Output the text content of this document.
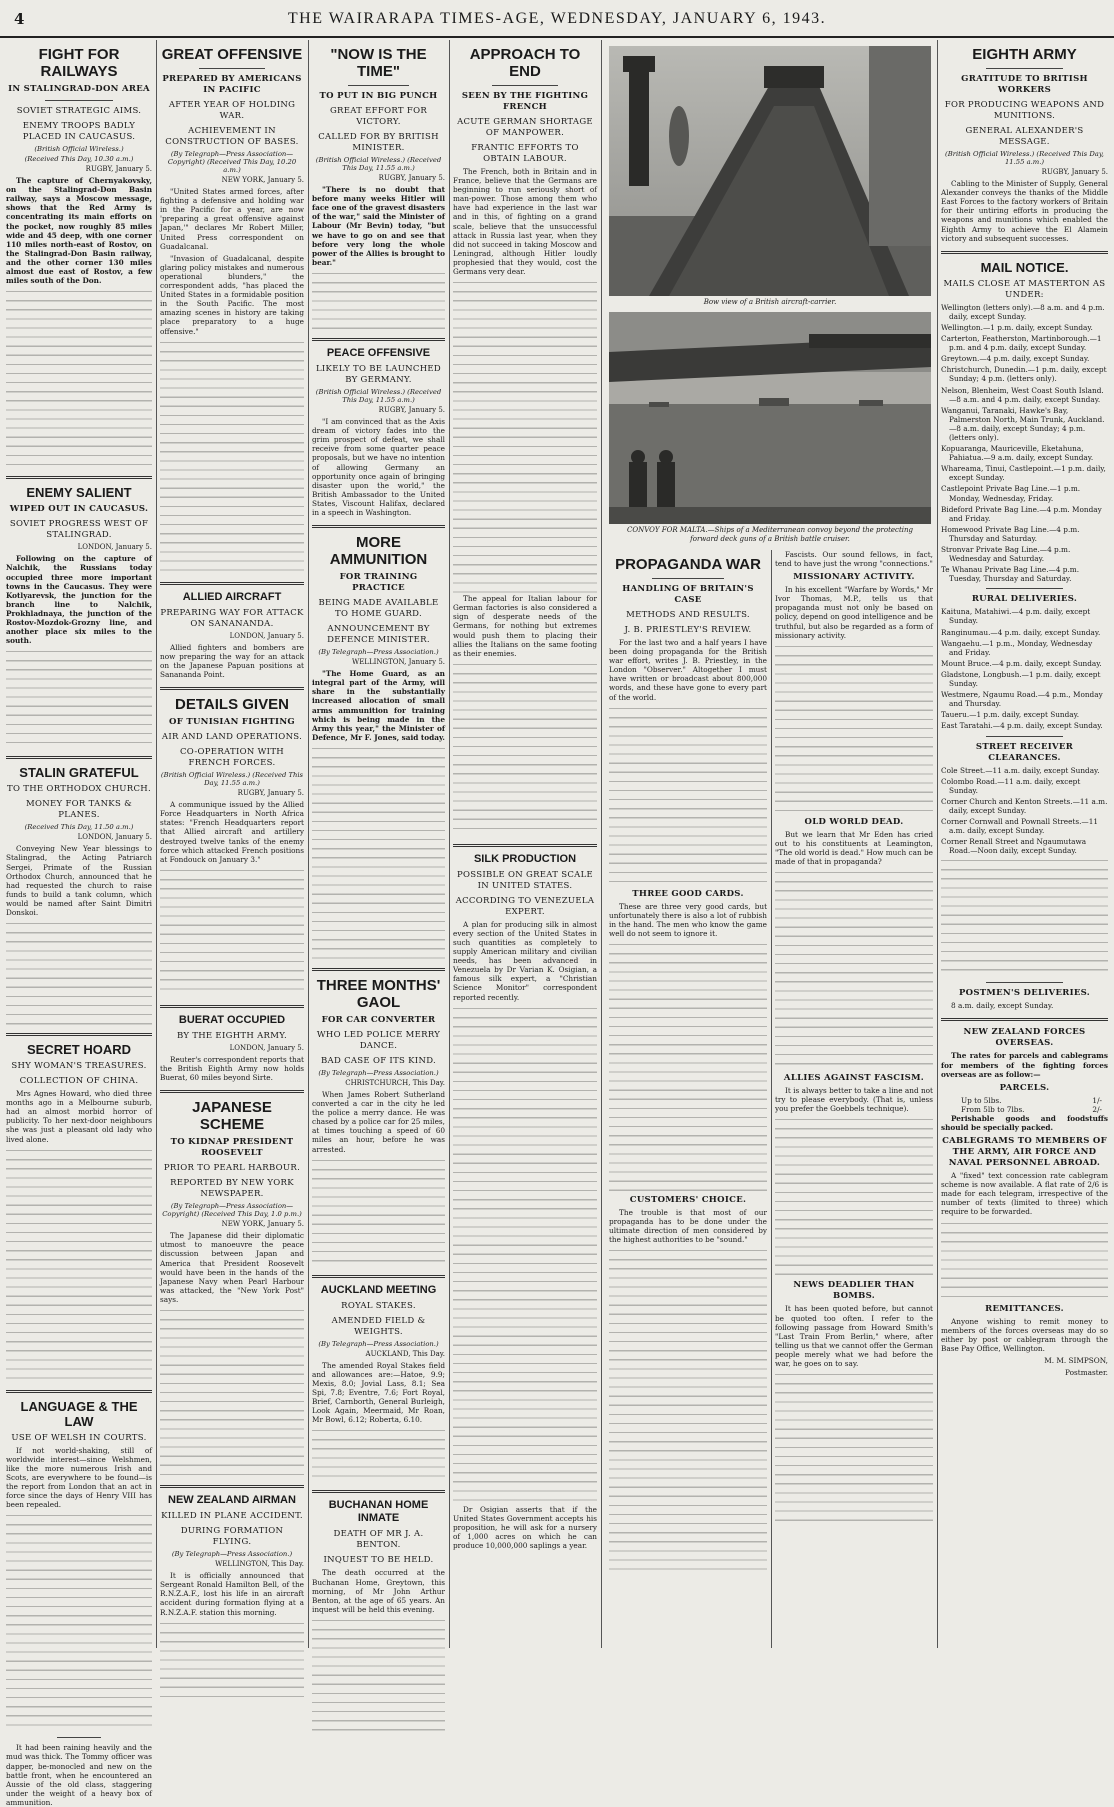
4	THE WAIRARAPA TIMES-AGE, WEDNESDAY, JANUARY 6, 1943.
FIGHT FOR RAILWAYS
IN STALINGRAD-DON AREA
SOVIET STRATEGIC AIMS.
ENEMY TROOPS BADLY PLACED IN CAUCASUS.
(British Official Wireless.)
(Received This Day, 10.30 a.m.)
RUGBY, January 5.

The capture of Chernyakovsky, on the Stalingrad-Don Basin railway, says a Moscow message, shows that the Red Army is concentrating its main efforts on the pocket, now roughly 85 miles wide and 45 deep, with one corner 110 miles north-east of Rostov, on the Stalingrad-Don Basin railway, and the other corner 130 miles almost due east of Rostov, a few miles south of the Don.

ENEMY SALIENT
WIPED OUT IN CAUCASUS.
SOVIET PROGRESS WEST OF STALINGRAD.
LONDON, January 5.

Following on the capture of Nalchik, the Russians today occupied three more important towns in the Caucasus. They were Kotlyarevsk, the junction for the branch line to Nalchik, Prokhladnaya, the junction of the Rostov-Mozdok-Grozny line, and another place six miles to the south.

STALIN GRATEFUL
TO THE ORTHODOX CHURCH.
MONEY FOR TANKS & PLANES.
(Received This Day, 11.50 a.m.)
LONDON, January 5.

Conveying New Year blessings to Stalingrad, the Acting Patriarch Sergei, Primate of the Russian Orthodox Church, announced that he had requested the church to raise funds to build a tank column, which would be named after Saint Dimitri Donskoi.

SECRET HOARD
SHY WOMAN'S TREASURES.
COLLECTION OF CHINA.

Mrs Agnes Howard, who died three months ago in a Melbourne suburb, had an almost morbid horror of publicity. To her next-door neighbours she was just a pleasant old lady who lived alone.

LANGUAGE & THE LAW
USE OF WELSH IN COURTS.

If not world-shaking, still of worldwide interest—since Welshmen, like the more numerous Irish and Scots, are everywhere to be found—is the report from London that an act in force since the days of Henry VIII has been repealed.

It had been raining heavily and the mud was thick. The Tommy officer was dapper, be-monocled and new on the battle front, when he encountered an Aussie of the old class, staggering under the weight of a heavy box of ammunition.

GREAT OFFENSIVE
PREPARED BY AMERICANS IN PACIFIC
AFTER YEAR OF HOLDING WAR.
ACHIEVEMENT IN CONSTRUCTION OF BASES.
(By Telegraph—Press Association—Copyright) (Received This Day, 10.20 a.m.)
NEW YORK, January 5.

"United States armed forces, after fighting a defensive and holding war in the Pacific for a year, are now 'preparing a great offensive against Japan,'" declares Mr Robert Miller, United Press correspondent on Guadalcanal.

"Invasion of Guadalcanal, despite glaring policy mistakes and numerous operational blunders," the correspondent adds, "has placed the United States in a formidable position in the South Pacific. The most amazing scenes in history are taking place preparatory to a huge offensive."

ALLIED AIRCRAFT
PREPARING WAY FOR ATTACK ON SANANANDA.
LONDON, January 5.

Allied fighters and bombers are now preparing the way for an attack on the Japanese Papuan positions at Sanananda Point.

DETAILS GIVEN
OF TUNISIAN FIGHTING
AIR AND LAND OPERATIONS.
CO-OPERATION WITH FRENCH FORCES.
(British Official Wireless.) (Received This Day, 11.55 a.m.)
RUGBY, January 5.

A communique issued by the Allied Force Headquarters in North Africa states: "French Headquarters report that Allied aircraft and artillery destroyed twelve tanks of the enemy force which attacked French positions at Fondouck on January 3."

BUERAT OCCUPIED
BY THE EIGHTH ARMY.
LONDON, January 5.

Reuter's correspondent reports that the British Eighth Army now holds Buerat, 60 miles beyond Sirte.

JAPANESE SCHEME
TO KIDNAP PRESIDENT ROOSEVELT
PRIOR TO PEARL HARBOUR.
REPORTED BY NEW YORK NEWSPAPER.
(By Telegraph—Press Association—Copyright) (Received This Day, 1.0 p.m.)
NEW YORK, January 5.

The Japanese did their diplomatic utmost to manoeuvre the peace discussion between Japan and America that President Roosevelt would have been in the hands of the Japanese Navy when Pearl Harbour was attacked, the "New York Post" says.

NEW ZEALAND AIRMAN
KILLED IN PLANE ACCIDENT.
DURING FORMATION FLYING.
(By Telegraph—Press Association.)
WELLINGTON, This Day.

It is officially announced that Sergeant Ronald Hamilton Bell, of the R.N.Z.A.F., lost his life in an aircraft accident during formation flying at a R.N.Z.A.F. station this morning.

"NOW IS THE TIME"
TO PUT IN BIG PUNCH
GREAT EFFORT FOR VICTORY.
CALLED FOR BY BRITISH MINISTER.
(British Official Wireless.) (Received This Day, 11.55 a.m.)
RUGBY, January 5.

"There is no doubt that before many weeks Hitler will face one of the gravest disasters of the war," said the Minister of Labour (Mr Bevin) today, "but we have to go on and see that before very long the whole power of the Allies is brought to bear."

PEACE OFFENSIVE
LIKELY TO BE LAUNCHED BY GERMANY.
(British Official Wireless.) (Received This Day, 11.55 a.m.)
RUGBY, January 5.

"I am convinced that as the Axis dream of victory fades into the grim prospect of defeat, we shall receive from some quarter peace proposals, but we have no intention of allowing Germany an opportunity once again of bringing disaster upon the world," the British Ambassador to the United States, Viscount Halifax, declared in a speech in Washington.

MORE AMMUNITION
FOR TRAINING PRACTICE
BEING MADE AVAILABLE TO HOME GUARD.
ANNOUNCEMENT BY DEFENCE MINISTER.
(By Telegraph—Press Association.)
WELLINGTON, January 5.

"The Home Guard, as an integral part of the Army, will share in the substantially increased allocation of small arms ammunition for training which is being made in the Army this year," the Minister of Defence, Mr F. Jones, said today.

THREE MONTHS' GAOL
FOR CAR CONVERTER
WHO LED POLICE MERRY DANCE.
BAD CASE OF ITS KIND.
(By Telegraph—Press Association.)
CHRISTCHURCH, This Day.

When James Robert Sutherland converted a car in the city he led the police a merry dance. He was chased by a police car for 25 miles, at times touching a speed of 60 miles an hour, before he was arrested.

AUCKLAND MEETING
ROYAL STAKES.
AMENDED FIELD & WEIGHTS.
(By Telegraph—Press Association.)
AUCKLAND, This Day.

The amended Royal Stakes field and allowances are:—Hatoe, 9.9; Mexis, 8.0; Jovial Lass, 8.1; Sea Spi, 7.8; Eventre, 7.6; Fort Royal, Brief, Carnborth, General Burleigh, Look Again, Meermaid, Mr Roan, Mr Bowl, 6.12; Roberta, 6.10.

BUCHANAN HOME INMATE
DEATH OF MR J. A. BENTON.
INQUEST TO BE HELD.

The death occurred at the Buchanan Home, Greytown, this morning, of Mr John Arthur Benton, at the age of 65 years. An inquest will be held this evening.

APPROACH TO END
SEEN BY THE FIGHTING FRENCH
ACUTE GERMAN SHORTAGE OF MANPOWER.
FRANTIC EFFORTS TO OBTAIN LABOUR.

The French, both in Britain and in France, believe that the Germans are beginning to run seriously short of man-power. Those among them who have had experience in the last war and in this, of fighting on a grand scale, believe that the unsuccessful attack in Russia last year, when they did not succeed in taking Moscow and Leningrad, although Hitler loudly prophesied that they would, cost the Germans very dear.

The appeal for Italian labour for German factories is also considered a sign of desperate needs of the Germans, for nothing but extremes would push them to placing their allies the Italians on the same footing as their enemies.

SILK PRODUCTION
POSSIBLE ON GREAT SCALE IN UNITED STATES.
ACCORDING TO VENEZUELA EXPERT.

A plan for producing silk in almost every section of the United States in such quantities as completely to supply American military and civilian needs, has been advanced in Venezuela by Dr Varian K. Osigian, a famous silk expert, a "Christian Science Monitor" correspondent reported recently.

Dr Osigian asserts that if the United States Government accepts his proposition, he will ask for a nursery of 1,000 acres on which he can produce 10,000,000 saplings a year.

Bow view of a British aircraft-carrier.
CONVOY FOR MALTA.—Ships of a Mediterranean convoy beyond the protecting forward deck guns of a British battle cruiser.
PROPAGANDA WAR
HANDLING OF BRITAIN'S CASE
METHODS AND RESULTS.
J. B. PRIESTLEY'S REVIEW.

For the last two and a half years I have been doing propaganda for the British war effort, writes J. B. Priestley, in the London "Observer." Altogether I must have written or broadcast about 800,000 words, and these have gone to every part of the world.

THREE GOOD CARDS.

These are three very good cards, but unfortunately there is also a lot of rubbish in the hand. The men who know the game well do not seem to ignore it.

CUSTOMERS' CHOICE.

The trouble is that most of our propaganda has to be done under the ultimate direction of men considered by the highest authorities to be "sound."

Fascists. Our sound fellows, in fact, tend to have just the wrong "connections."

MISSIONARY ACTIVITY.

In his excellent "Warfare by Words," Mr Ivor Thomas, M.P., tells us that propaganda must not only be based on policy, depend on good intelligence and be truthful, but also be regarded as a form of missionary activity.

OLD WORLD DEAD.

But we learn that Mr Eden has cried out to his constituents at Leamington, "The old world is dead." How much can be made of that in propaganda?

ALLIES AGAINST FASCISM.

It is always better to take a line and not try to please everybody. (That is, unless you prefer the Goebbels technique).

NEWS DEADLIER THAN BOMBS.

It has been quoted before, but cannot be quoted too often. I refer to the following passage from Howard Smith's "Last Train From Berlin," where, after telling us that we cannot offer the German people merely what we had before the war, he goes on to say.

EIGHTH ARMY
GRATITUDE TO BRITISH WORKERS
FOR PRODUCING WEAPONS AND MUNITIONS.
GENERAL ALEXANDER'S MESSAGE.
(British Official Wireless.) (Received This Day, 11.55 a.m.)
RUGBY, January 5.

Cabling to the Minister of Supply, General Alexander conveys the thanks of the Middle East Forces to the factory workers of Britain for their untiring efforts in producing the weapons and munitions which enabled the Eighth Army to achieve the El Alamein victory and subsequent successes.

MAIL NOTICE.
MAILS CLOSE AT MASTERTON AS UNDER:
Wellington (letters only).—8 a.m. and 4 p.m. daily, except Sunday.
Wellington.—1 p.m. daily, except Sunday.
Carterton, Featherston, Martinborough.—1 p.m. and 4 p.m. daily, except Sunday.
Greytown.—4 p.m. daily, except Sunday.
Christchurch, Dunedin.—1 p.m. daily, except Sunday; 4 p.m. (letters only).
Nelson, Blenheim, West Coast South Island.—8 a.m. and 4 p.m. daily, except Sunday.
Wanganui, Taranaki, Hawke's Bay, Palmerston North, Main Trunk, Auckland.—8 a.m. daily, except Sunday; 4 p.m. (letters only).
Kopuaranga, Mauriceville, Eketahuna, Pahiatua.—9 a.m. daily, except Sunday.
Whareama, Tinui, Castlepoint.—1 p.m. daily, except Sunday.
Castlepoint Private Bag Line.—1 p.m. Monday, Wednesday, Friday.
Bideford Private Bag Line.—4 p.m. Monday and Friday.
Homewood Private Bag Line.—4 p.m. Thursday and Saturday.
Stronvar Private Bag Line.—4 p.m. Wednesday and Saturday.
Te Whanau Private Bag Line.—4 p.m. Tuesday, Thursday and Saturday.
RURAL DELIVERIES.
Kaituna, Matahiwi.—4 p.m. daily, except Sunday.
Ranginumau.—4 p.m. daily, except Sunday.
Wangaehu.—1 p.m., Monday, Wednesday and Friday.
Mount Bruce.—4 p.m. daily, except Sunday.
Gladstone, Longbush.—1 p.m. daily, except Sunday.
Westmere, Ngaumu Road.—4 p.m., Monday and Thursday.
Taueru.—1 p.m. daily, except Sunday.
East Taratahi.—4 p.m. daily, except Sunday.
STREET RECEIVER CLEARANCES.
Cole Street.—11 a.m. daily, except Sunday.
Colombo Road.—11 a.m. daily, except Sunday.
Corner Church and Kenton Streets.—11 a.m. daily, except Sunday.
Corner Cornwall and Pownall Streets.—11 a.m. daily, except Sunday.
Corner Renall Street and Ngaumutawa Road.—Noon daily, except Sunday.
POSTMEN'S DELIVERIES.

8 a.m. daily, except Sunday.

NEW ZEALAND FORCES OVERSEAS.

The rates for parcels and cablegrams for members of the fighting forces overseas are as follow:—

PARCELS.
Up to 5lbs.	1/-
From 5lb to 7lbs.	2/-

Perishable goods and foodstuffs should be specially packed.

CABLEGRAMS TO MEMBERS OF THE ARMY, AIR FORCE AND NAVAL PERSONNEL ABROAD.

A "fixed" text concession rate cablegram scheme is now available. A flat rate of 2/6 is made for each telegram, irrespective of the number of texts (limited to three) which require to be forwarded.

REMITTANCES.

Anyone wishing to remit money to members of the forces overseas may do so either by post or cablegram through the Base Pay Office, Wellington.

M. M. SIMPSON,
Postmaster.
